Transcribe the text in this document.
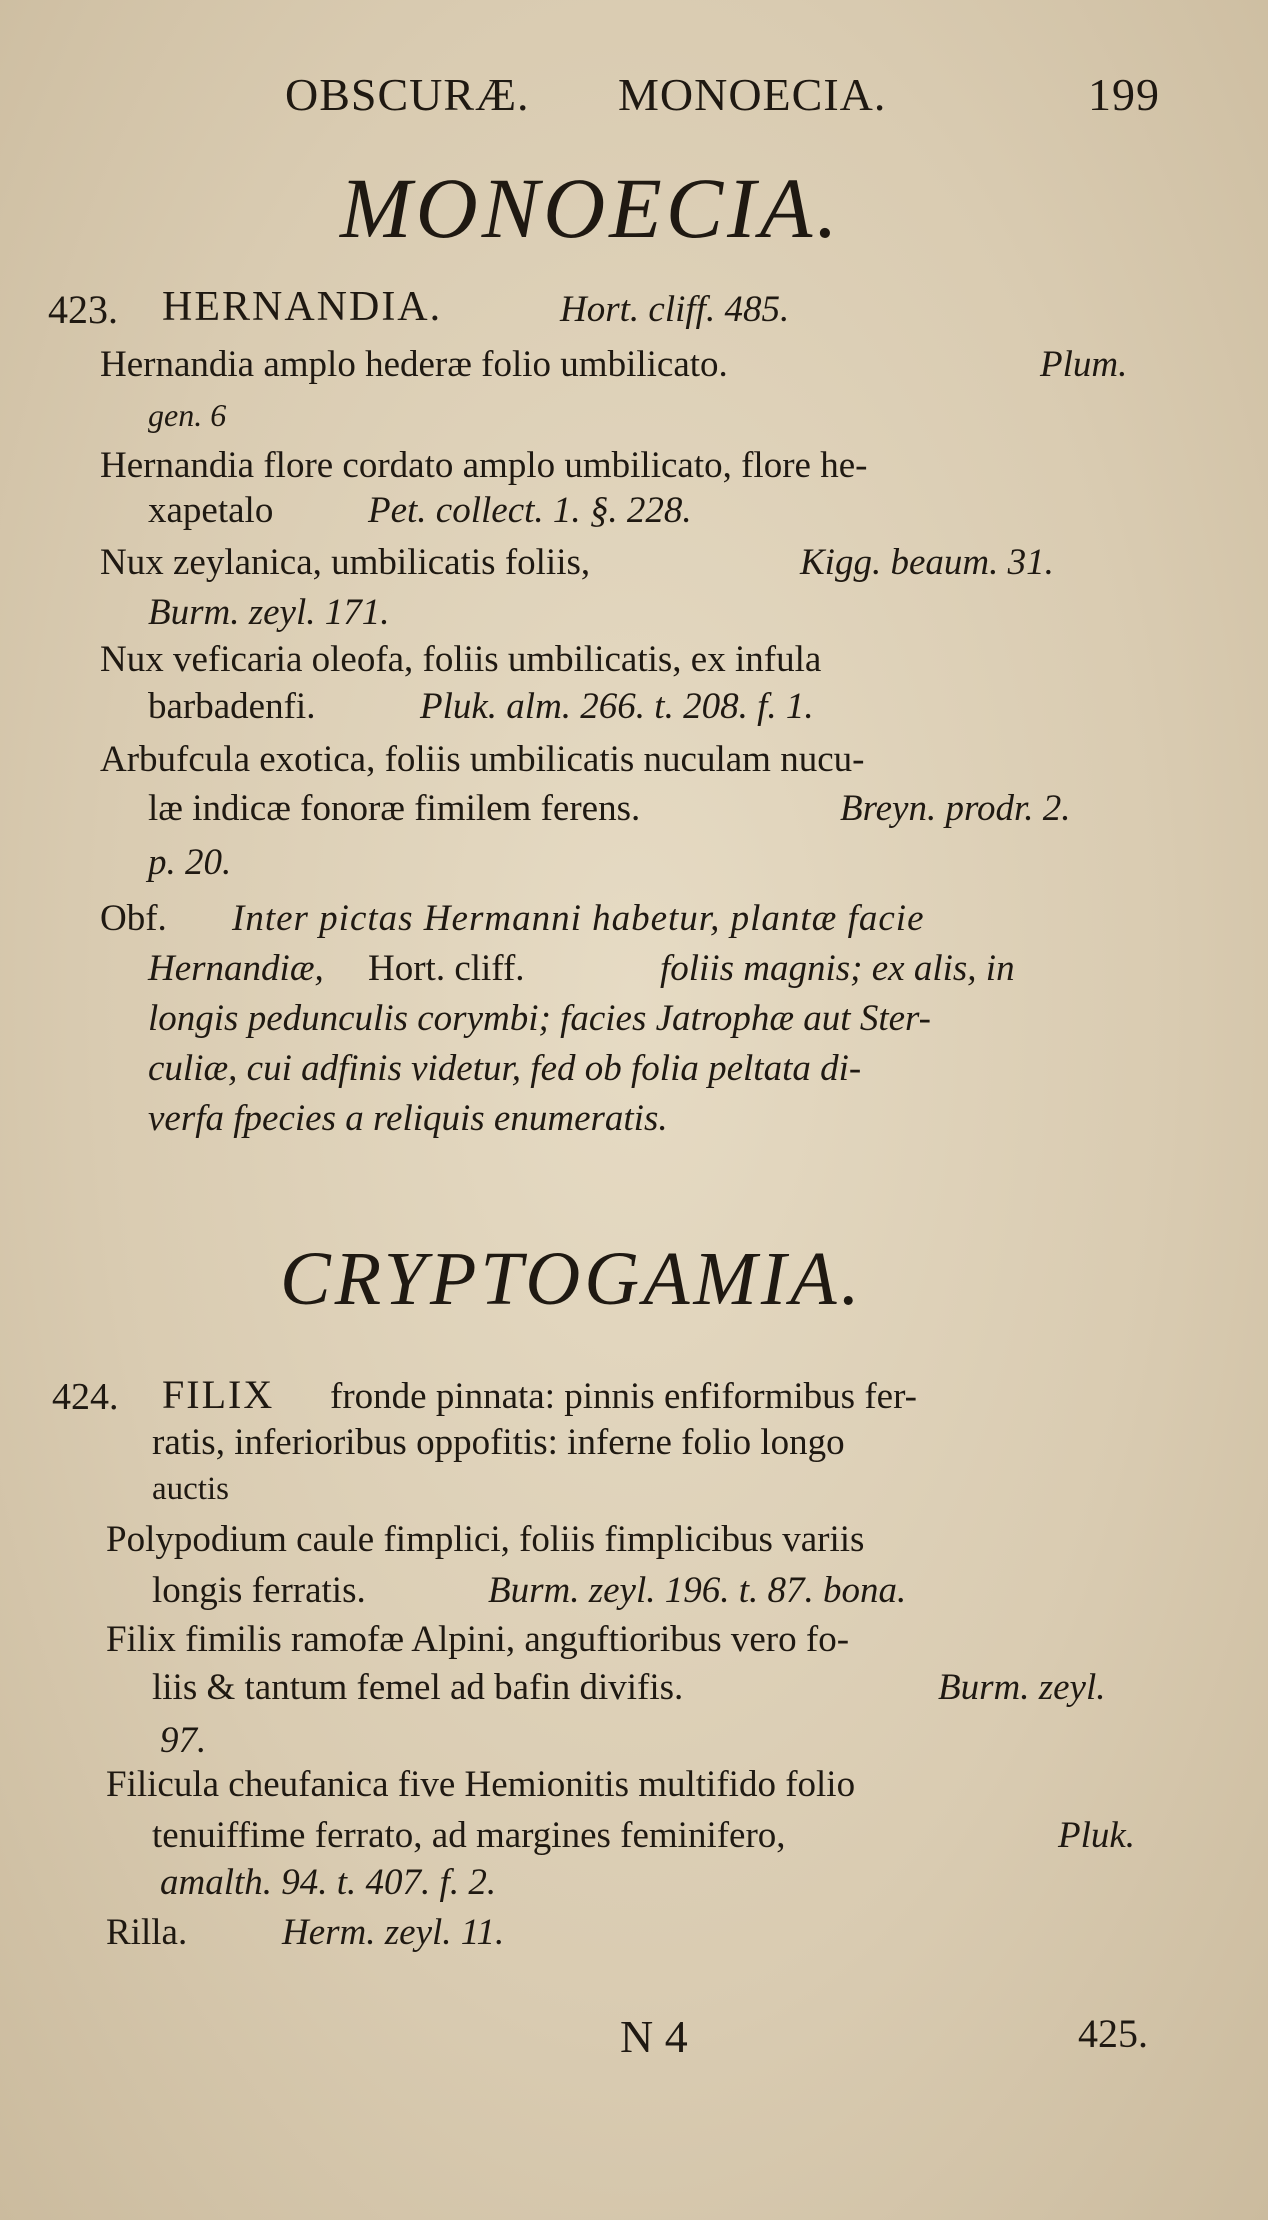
OBSCURÆ. MONOECIA.	199
MONOECIA.
423. HERNANDIA.	Hort. cliff. 485.
Hernandia amplo hederæ folio umbilicato.	Plum.
gen. 6
Hernandia flore cordato amplo umbilicato, flore he-
xapetalo	Pet. collect. 1. §. 228.
Nux zeylanica, umbilicatis foliis,	Kigg. beaum. 31.
Burm. zeyl. 171.
Nux veficaria oleofa, foliis umbilicatis, ex infula
barbadenfi.	Pluk. alm. 266. t. 208. f. 1.
Arbufcula exotica, foliis umbilicatis nuculam nucu-
læ indicæ fonoræ fimilem ferens.	Breyn. prodr. 2.
p. 20.
Obf. Inter pictas Hermanni habetur, plantæ facie
Hernandiæ, Hort. cliff.	foliis magnis; ex alis, in
longis pedunculis corymbi; facies Jatrophæ aut Ster-
culiæ, cui adfinis videtur, fed ob folia peltata di-
verfa fpecies a reliquis enumeratis.
CRYPTOGAMIA.
424. FILIX fronde pinnata: pinnis enfiformibus fer-
ratis, inferioribus oppofitis: inferne folio longo
auctis
Polypodium caule fimplici, foliis fimplicibus variis
longis ferratis.	Burm. zeyl. 196. t. 87. bona.
Filix fimilis ramofæ Alpini, anguftioribus vero fo-
liis & tantum femel ad bafin divifis.	Burm. zeyl.
97.
Filicula cheufanica five Hemionitis multifido folio
tenuiffime ferrato, ad margines feminifero,	Pluk.
amalth. 94. t. 407. f. 2.
Rilla.	Herm. zeyl. 11.
N 4	425.
